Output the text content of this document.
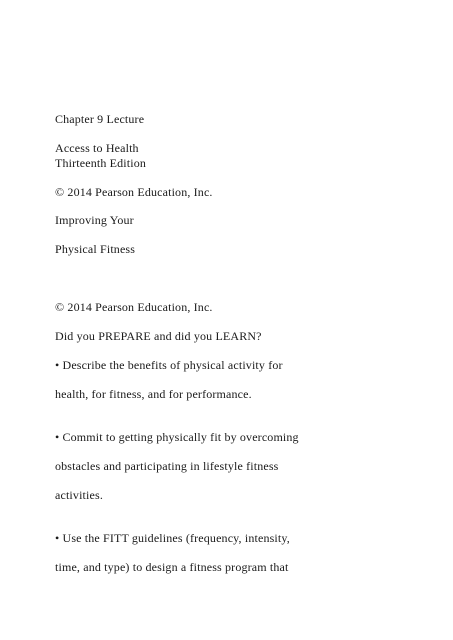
Chapter 9 Lecture
Access to Health
Thirteenth Edition
© 2014 Pearson Education, Inc.
Improving Your
Physical Fitness
© 2014 Pearson Education, Inc.
Did you PREPARE and did you LEARN?
• Describe the benefits of physical activity for
health, for fitness, and for performance.
• Commit to getting physically fit by overcoming
obstacles and participating in lifestyle fitness
activities.
• Use the FITT guidelines (frequency, intensity,
time, and type) to design a fitness program that
